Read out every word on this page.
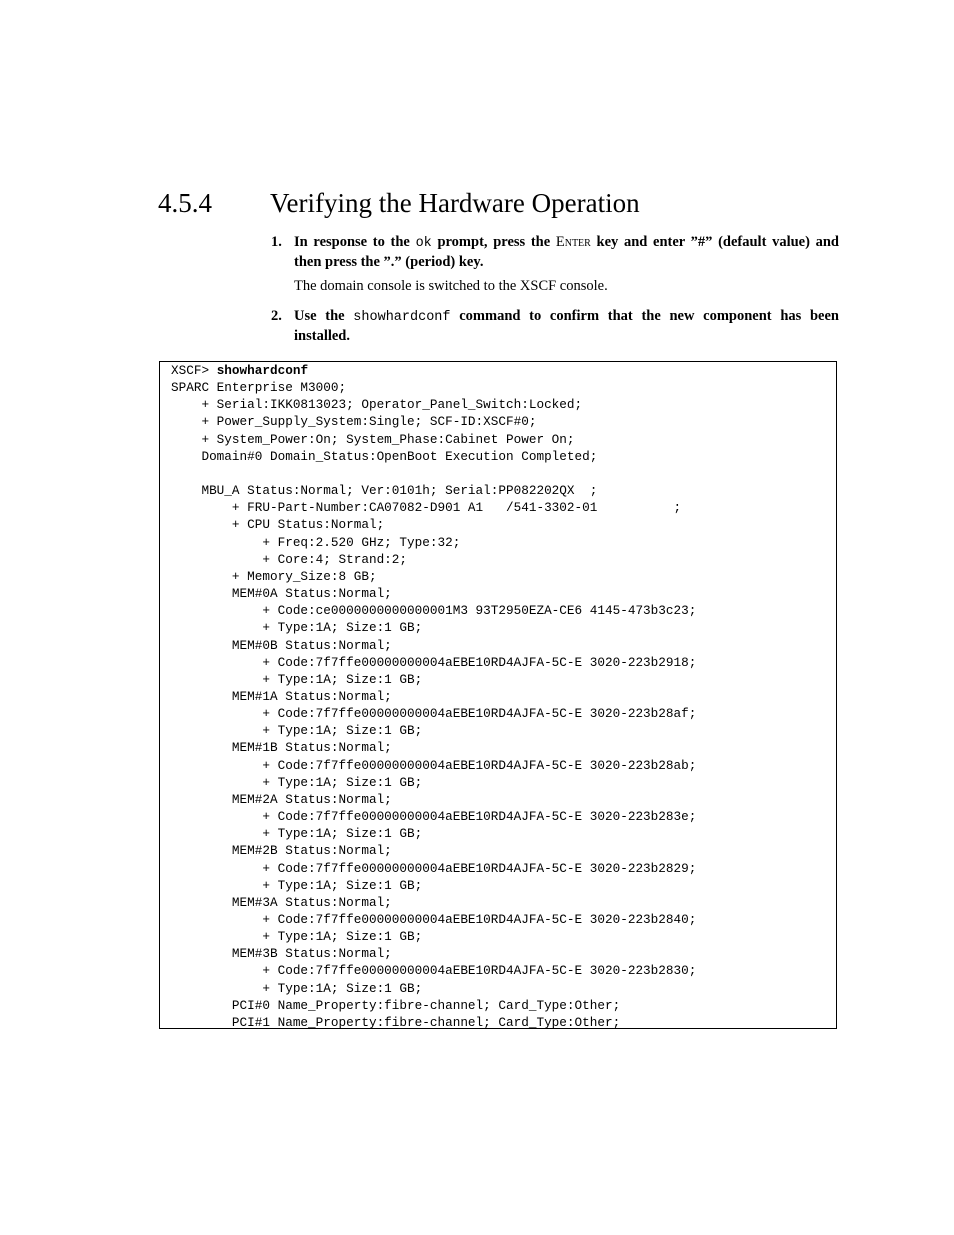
4.5.4 Verifying the Hardware Operation
1. In response to the ok prompt, press the Enter key and enter ”#” (default value) and then press the ”.” (period) key.
The domain console is switched to the XSCF console.
2. Use the showhardconf command to confirm that the new component has been installed.
XSCF> showhardconf
SPARC Enterprise M3000;
+ Serial:IKK0813023; Operator_Panel_Switch:Locked;
+ Power_Supply_System:Single; SCF-ID:XSCF#0;
+ System_Power:On; System_Phase:Cabinet Power On;
Domain#0 Domain_Status:OpenBoot Execution Completed;

MBU_A Status:Normal; Ver:0101h; Serial:PP082202QX  ;
+ FRU-Part-Number:CA07082-D901 A1   /541-3302-01          ;
+ CPU Status:Normal;
+ Freq:2.520 GHz; Type:32;
+ Core:4; Strand:2;
+ Memory_Size:8 GB;
MEM#0A Status:Normal;
+ Code:ce0000000000000001M3 93T2950EZA-CE6 4145-473b3c23;
+ Type:1A; Size:1 GB;
MEM#0B Status:Normal;
+ Code:7f7ffe00000000004aEBE10RD4AJFA-5C-E 3020-223b2918;
+ Type:1A; Size:1 GB;
MEM#1A Status:Normal;
+ Code:7f7ffe00000000004aEBE10RD4AJFA-5C-E 3020-223b28af;
+ Type:1A; Size:1 GB;
MEM#1B Status:Normal;
+ Code:7f7ffe00000000004aEBE10RD4AJFA-5C-E 3020-223b28ab;
+ Type:1A; Size:1 GB;
MEM#2A Status:Normal;
+ Code:7f7ffe00000000004aEBE10RD4AJFA-5C-E 3020-223b283e;
+ Type:1A; Size:1 GB;
MEM#2B Status:Normal;
+ Code:7f7ffe00000000004aEBE10RD4AJFA-5C-E 3020-223b2829;
+ Type:1A; Size:1 GB;
MEM#3A Status:Normal;
+ Code:7f7ffe00000000004aEBE10RD4AJFA-5C-E 3020-223b2840;
+ Type:1A; Size:1 GB;
MEM#3B Status:Normal;
+ Code:7f7ffe00000000004aEBE10RD4AJFA-5C-E 3020-223b2830;
+ Type:1A; Size:1 GB;
PCI#0 Name_Property:fibre-channel; Card_Type:Other;
PCI#1 Name_Property:fibre-channel; Card_Type:Other;
